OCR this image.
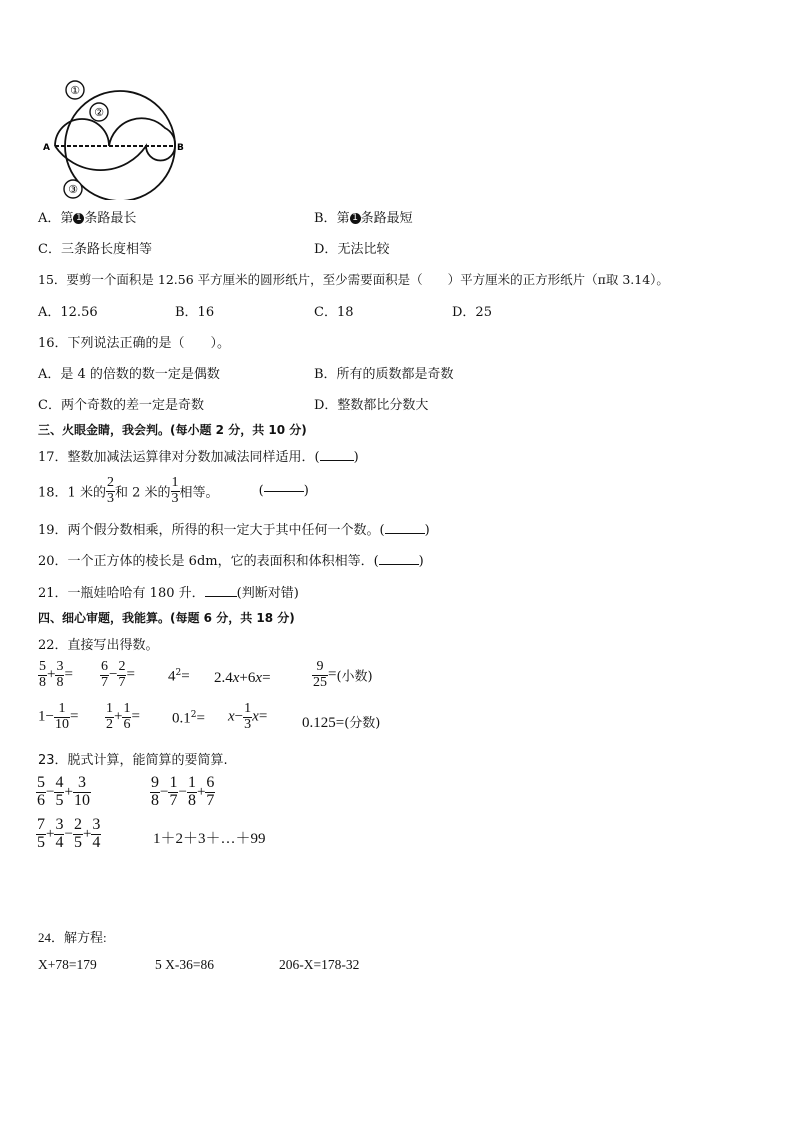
①
②
③
A	B
A．第 1 条路最长	B．第 1 条路最短
C．三条路长度相等	D．无法比较
15．要剪一个面积是 12.56 平方厘米的圆形纸片，至少需要面积是（　　）平方厘米的正方形纸片（π取 3.14）。
A．12.56	B．16	C．18	D．25
16．下列说法正确的是（　　）。
A．是 4 的倍数的数一定是偶数	B．所有的质数都是奇数
C．两个奇数的差一定是奇数	D．整数都比分数大
三、火眼金睛，我会判。(每小题 2 分，共 10 分)
17．整数加减法运算律对分数加减法同样适用．(	)
18．1 米的 $\frac{2}{3}$ 和 2 米的 $\frac{1}{3}$ 相等。	(	)
19．两个假分数相乘，所得的积一定大于其中任何一个数。(	)
20．一个正方体的棱长是 6dm，它的表面积和体积相等．(	)
21．一瓶娃哈哈有 180 升． (判断对错)
四、细心审题，我能算。(每题 6 分，共 18 分)
22．直接写出得数。
$\frac{5}{8} + \frac{3}{8} = \frac{6}{7} - \frac{2}{7} = 4^2= 2.4x+6x=$	$\frac{9}{25}$ =(小数)
$1- \frac{1}{10} = \frac{1}{2} + \frac{1}{6} = 0.1^2= x- \frac{1}{3} x= 0.125=$(分数)
23．脱式计算，能简算的要简算.
$\frac{5}{6} - \frac{4}{5} + \frac{3}{10}$	$\frac{9}{8} - \frac{1}{7} - \frac{1}{8} + \frac{6}{7}$
$\frac{7}{5} + \frac{3}{4} - \frac{2}{5} + \frac{3}{4}$	1＋2＋3＋…＋99
24．解方程:
X+78=179	5 X-36=86	206-X=178-32
